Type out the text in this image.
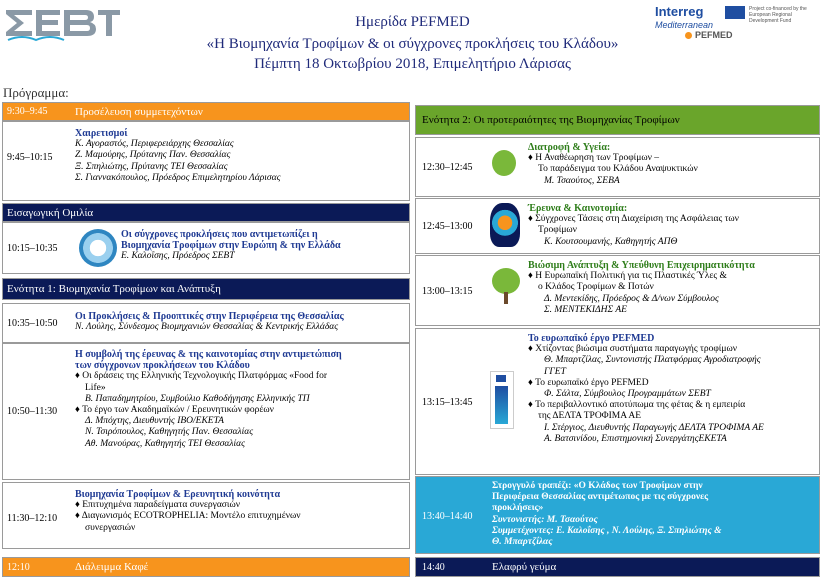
ΣΕΒΤ
Ημερίδα PEFMED
«Η Βιομηχανία Τροφίμων & οι σύγχρονες προκλήσεις του Κλάδου»
Πέμπτη 18 Οκτωβρίου 2018, Επιμελητήριο Λάρισας
Interreg
Mediterranean
Project co-financed by the European Regional Development Fund
PEFMED
Πρόγραμμα:
9:30–9:45 Προσέλευση συμμετεχόντων
9:45–10:15
Χαιρετισμοί
Κ. Αγοραστός, Περιφερειάρχης Θεσσαλίας
Ζ. Μαμούρης, Πρύτανης Παν. Θεσσαλίας
Ξ. Σπηλιώτης, Πρύτανης ΤΕΙ Θεσσαλίας
Σ. Γιαννακόπουλος, Πρόεδρος Επιμελητηρίου Λάρισας
Εισαγωγική Ομιλία
10:15–10:35
Οι σύγχρονες προκλήσεις που αντιμετωπίζει η
Βιομηχανία Τροφίμων στην Ευρώπη & την Ελλάδα
Ε. Καλοΐσης, Πρόεδρος ΣΕΒΤ
Ενότητα 1: Βιομηχανία Τροφίμων και Ανάπτυξη
10:35–10:50
Οι Προκλήσεις & Προοπτικές στην Περιφέρεια της Θεσσαλίας
Ν. Λούλης, Σύνδεσμος Βιομηχανιών Θεσσαλίας & Κεντρικής Ελλάδας
10:50–11:30
Η συμβολή της έρευνας & της καινοτομίας στην αντιμετώπιση
των σύγχρονων προκλήσεων του Κλάδου
♦ Οι δράσεις της Ελληνικής Τεχνολογικής Πλατφόρμας «Food for
Life»
Β. Παπαδημητρίου, Συμβούλιο Καθοδήγησης Ελληνικής ΤΠ
♦ Το έργο των Ακαδημαϊκών / Ερευνητικών φορέων
Δ. Μπόχτης, Διευθυντής ΙΒΟ/ΕΚΕΤΑ
Ν. Τσιρόπουλος, Καθηγητής Παν. Θεσσαλίας
Αθ. Μανούρας, Καθηγητής ΤΕΙ Θεσσαλίας
11:30–12:10
Βιομηχανία Τροφίμων & Ερευνητική κοινότητα
♦ Επιτυχημένα παραδείγματα συνεργασιών
♦ Διαγωνισμός ECOTROPHELIA: Μοντέλο επιτυχημένων
συνεργασιών
12:10	Διάλειμμα Καφέ
Ενότητα 2: Οι προτεραιότητες της Βιομηχανίας Τροφίμων
12:30–12:45
Διατροφή & Υγεία:
♦ Η Αναθέωρηση των Τροφίμων –
Το παράδειγμα του Κλάδου Αναψυκτικών
Μ. Τσαούτος, ΣΕΒΑ
12:45–13:00
Έρευνα & Καινοτομία:
♦ Σύγχρονες Τάσεις στη Διαχείριση της Ασφάλειας των
Τροφίμων
Κ. Κουτσουμανής, Καθηγητής ΑΠΘ
13:00–13:15
Βιώσιμη Ανάπτυξη & Υπεύθυνη Επιχειρηματικότητα
♦ Η Ευρωπαϊκή Πολιτική για τις Πλαστικές Ύλες &
ο Κλάδος Τροφίμων & Ποτών
Δ. Μεντεκίδης, Πρόεδρος & Δ/νων Σύμβουλος
Σ. ΜΕΝΤΕΚΙΔΗΣ ΑΕ
13:15–13:45
Το ευρωπαϊκό έργο PEFMED
♦ Χτίζοντας βιώσιμα συστήματα παραγωγής τροφίμων
Θ. Μπαρτζίλας, Συντονιστής Πλατφόρμας Αγροδιατροφής
ΓΓΕΤ
♦ Το ευρωπαϊκό έργο PEFMED
Φ. Σάλτα, Σύμβουλος Προγραμμάτων ΣΕΒΤ
♦ Το περιβαλλοντικό αποτύπωμα της φέτας & η εμπειρία
της ΔΕΛΤΑ ΤΡΟΦΙΜΑ ΑΕ
Ι. Στέργιος, Διευθυντής Παραγωγής ΔΕΛΤΑ ΤΡΟΦΙΜΑ ΑΕ
Α. Βατσινίδου, Επιστημονική ΣυνεργάτηςΕΚΕΤΑ
13:40–14:40
Στρογγυλό τραπέζι: «Ο Κλάδος των Τροφίμων στην
Περιφέρεια Θεσσαλίας αντιμέτωπος με τις σύγχρονες
προκλήσεις»
Συντονιστής: Μ. Τσαούτος
Συμμετέχοντες: Ε. Καλοΐσης , Ν. Λούλης, Ξ. Σπηλιώτης &
Θ. Μπαρτζίλας
14:40	Ελαφρύ γεύμα
